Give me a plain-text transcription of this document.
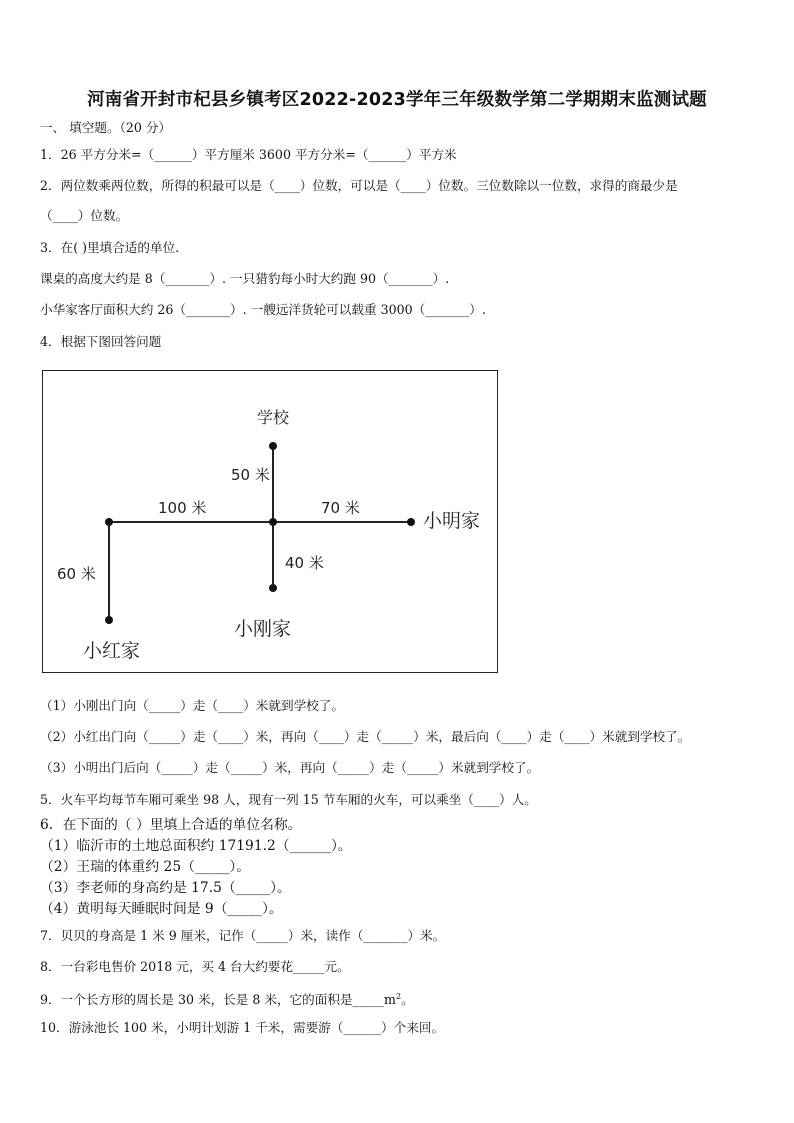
河南省开封市杞县乡镇考区2022-2023学年三年级数学第二学期期末监测试题
一、 填空题。（20 分）
1．26 平方分米=（______）平方厘米 3600 平方分米=（______）平方米
2．两位数乘两位数，所得的积最可以是（____）位数，可以是（____）位数。三位数除以一位数，求得的商最少是
（____）位数。
3．在( )里填合适的单位.
课桌的高度大约是 8（_______）. 一只猎豹每小时大约跑 90（_______）.
小华家客厅面积大约 26（_______）. 一艘远洋货轮可以载重 3000（_______）.
4．根据下图回答问题
学校
50 米
100 米	70 米
小明家
40 米
60 米
小刚家
小红家
（1）小刚出门向（_____）走（____）米就到学校了。
（2）小红出门向（_____）走（____）米，再向（____）走（_____）米，最后向（____）走（____）米就到学校了。
（3）小明出门后向（_____）走（_____）米，再向（_____）走（_____）米就到学校了。
5．火车平均每节车厢可乘坐 98 人，现有一列 15 节车厢的火车，可以乘坐（____）人。
6．在下面的（ ）里填上合适的单位名称。
（1）临沂市的土地总面积约 17191.2（______）。
（2）王瑞的体重约 25（_____）。
（3）李老师的身高约是 17.5（_____）。
（4）黄明每天睡眠时间是 9（_____）。
7．贝贝的身高是 1 米 9 厘米，记作（_____）米，读作（_______）米。
8．一台彩电售价 2018 元，买 4 台大约要花_____元。
9．一个长方形的周长是 30 米，长是 8 米，它的面积是$\_\_\_\_\_m^2$。
10．游泳池长 100 米，小明计划游 1 千米，需要游（______）个来回。
